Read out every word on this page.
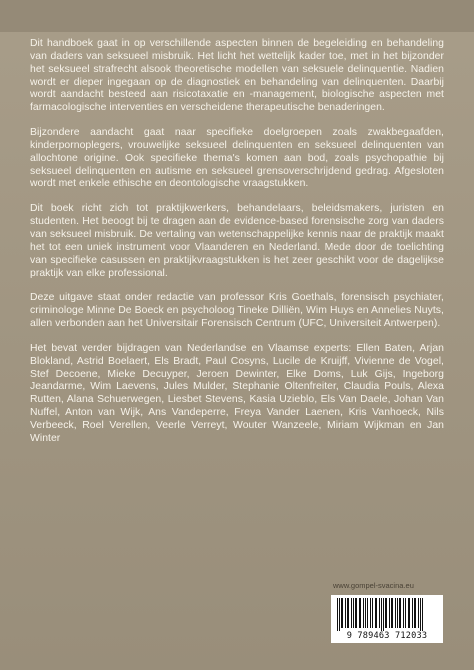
Dit handboek gaat in op verschillende aspecten binnen de begeleiding en behandeling van daders van seksueel misbruik. Het licht het wettelijk kader toe, met in het bijzonder het seksueel strafrecht alsook theoretische modellen van seksuele delinquentie. Nadien wordt er dieper ingegaan op de diagnostiek en behandeling van delinquenten. Daarbij wordt aandacht besteed aan risicotaxatie en -management, biologische aspecten met farmacologische interventies en verscheidene therapeutische benaderingen.

Bijzondere aandacht gaat naar specifieke doelgroepen zoals zwakbegaafden, kinderpornoplegers, vrouwelijke seksueel delinquenten en seksueel delinquenten van allochtone origine. Ook specifieke thema's komen aan bod, zoals psychopathie bij seksueel delinquenten en autisme en seksueel grensoverschrijdend gedrag. Afgesloten wordt met enkele ethische en deontologische vraagstukken.

Dit boek richt zich tot praktijkwerkers, behandelaars, beleidsmakers, juristen en studenten. Het beoogt bij te dragen aan de evidence-based forensische zorg van daders van seksueel misbruik. De vertaling van wetenschappelijke kennis naar de praktijk maakt het tot een uniek instrument voor Vlaanderen en Nederland. Mede door de toelichting van specifieke casussen en praktijkvraagstukken is het zeer geschikt voor de dagelijkse praktijk van elke professional.

Deze uitgave staat onder redactie van professor Kris Goethals, forensisch psychiater, criminologe Minne De Boeck en psycholoog Tineke Dilliën, Wim Huys en Annelies Nuyts, allen verbonden aan het Universitair Forensisch Centrum (UFC, Universiteit Antwerpen).

Het bevat verder bijdragen van Nederlandse en Vlaamse experts: Ellen Baten, Arjan Blokland, Astrid Boelaert, Els Bradt, Paul Cosyns, Lucile de Kruijff, Vivienne de Vogel, Stef Decoene, Mieke Decuyper, Jeroen Dewinter, Elke Doms, Luk Gijs, Ingeborg Jeandarme, Wim Laevens, Jules Mulder, Stephanie Oltenfreiter, Claudia Pouls, Alexa Rutten, Alana Schuerwegen, Liesbet Stevens, Kasia Uzieblo, Els Van Daele, Johan Van Nuffel, Anton van Wijk, Ans Vandeperre, Freya Vander Laenen, Kris Vanhoeck, Nils Verbeeck, Roel Verellen, Veerle Verreyt, Wouter Wanzeele, Miriam Wijkman en Jan Winter

www.gompel-svacina.eu
9 789463 712033
